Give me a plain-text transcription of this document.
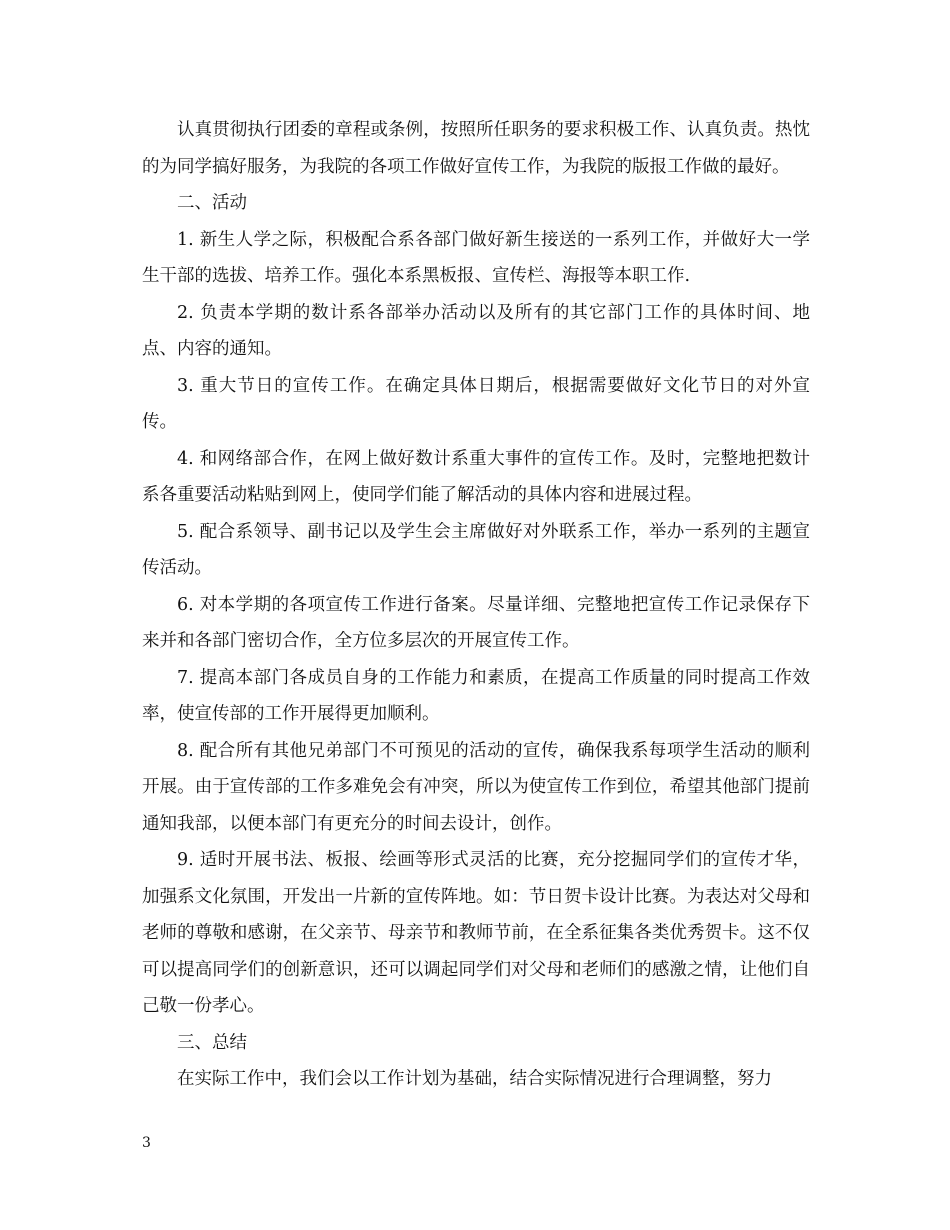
认真贯彻执行团委的章程或条例，按照所任职务的要求积极工作、认真负责。热忱的为同学搞好服务，为我院的各项工作做好宣传工作，为我院的版报工作做的最好。

二、活动

1. 新生人学之际，积极配合系各部门做好新生接送的一系列工作，并做好大一学生干部的选拔、培养工作。强化本系黑板报、宣传栏、海报等本职工作.

2. 负责本学期的数计系各部举办活动以及所有的其它部门工作的具体时间、地点、内容的通知。

3. 重大节日的宣传工作。在确定具体日期后，根据需要做好文化节日的对外宣传。

4. 和网络部合作，在网上做好数计系重大事件的宣传工作。及时，完整地把数计系各重要活动粘贴到网上，使同学们能了解活动的具体内容和进展过程。

5. 配合系领导、副书记以及学生会主席做好对外联系工作，举办一系列的主题宣传活动。

6. 对本学期的各项宣传工作进行备案。尽量详细、完整地把宣传工作记录保存下来并和各部门密切合作，全方位多层次的开展宣传工作。

7. 提高本部门各成员自身的工作能力和素质，在提高工作质量的同时提高工作效率，使宣传部的工作开展得更加顺利。

8. 配合所有其他兄弟部门不可预见的活动的宣传，确保我系每项学生活动的顺利开展。由于宣传部的工作多难免会有冲突，所以为使宣传工作到位，希望其他部门提前通知我部，以便本部门有更充分的时间去设计，创作。

9. 适时开展书法、板报、绘画等形式灵活的比赛，充分挖掘同学们的宣传才华，加强系文化氛围，开发出一片新的宣传阵地。如：节日贺卡设计比赛。为表达对父母和老师的尊敬和感谢，在父亲节、母亲节和教师节前，在全系征集各类优秀贺卡。这不仅可以提高同学们的创新意识，还可以调起同学们对父母和老师们的感激之情，让他们自己敬一份孝心。

三、总结

在实际工作中，我们会以工作计划为基础，结合实际情况进行合理调整，努力

3
